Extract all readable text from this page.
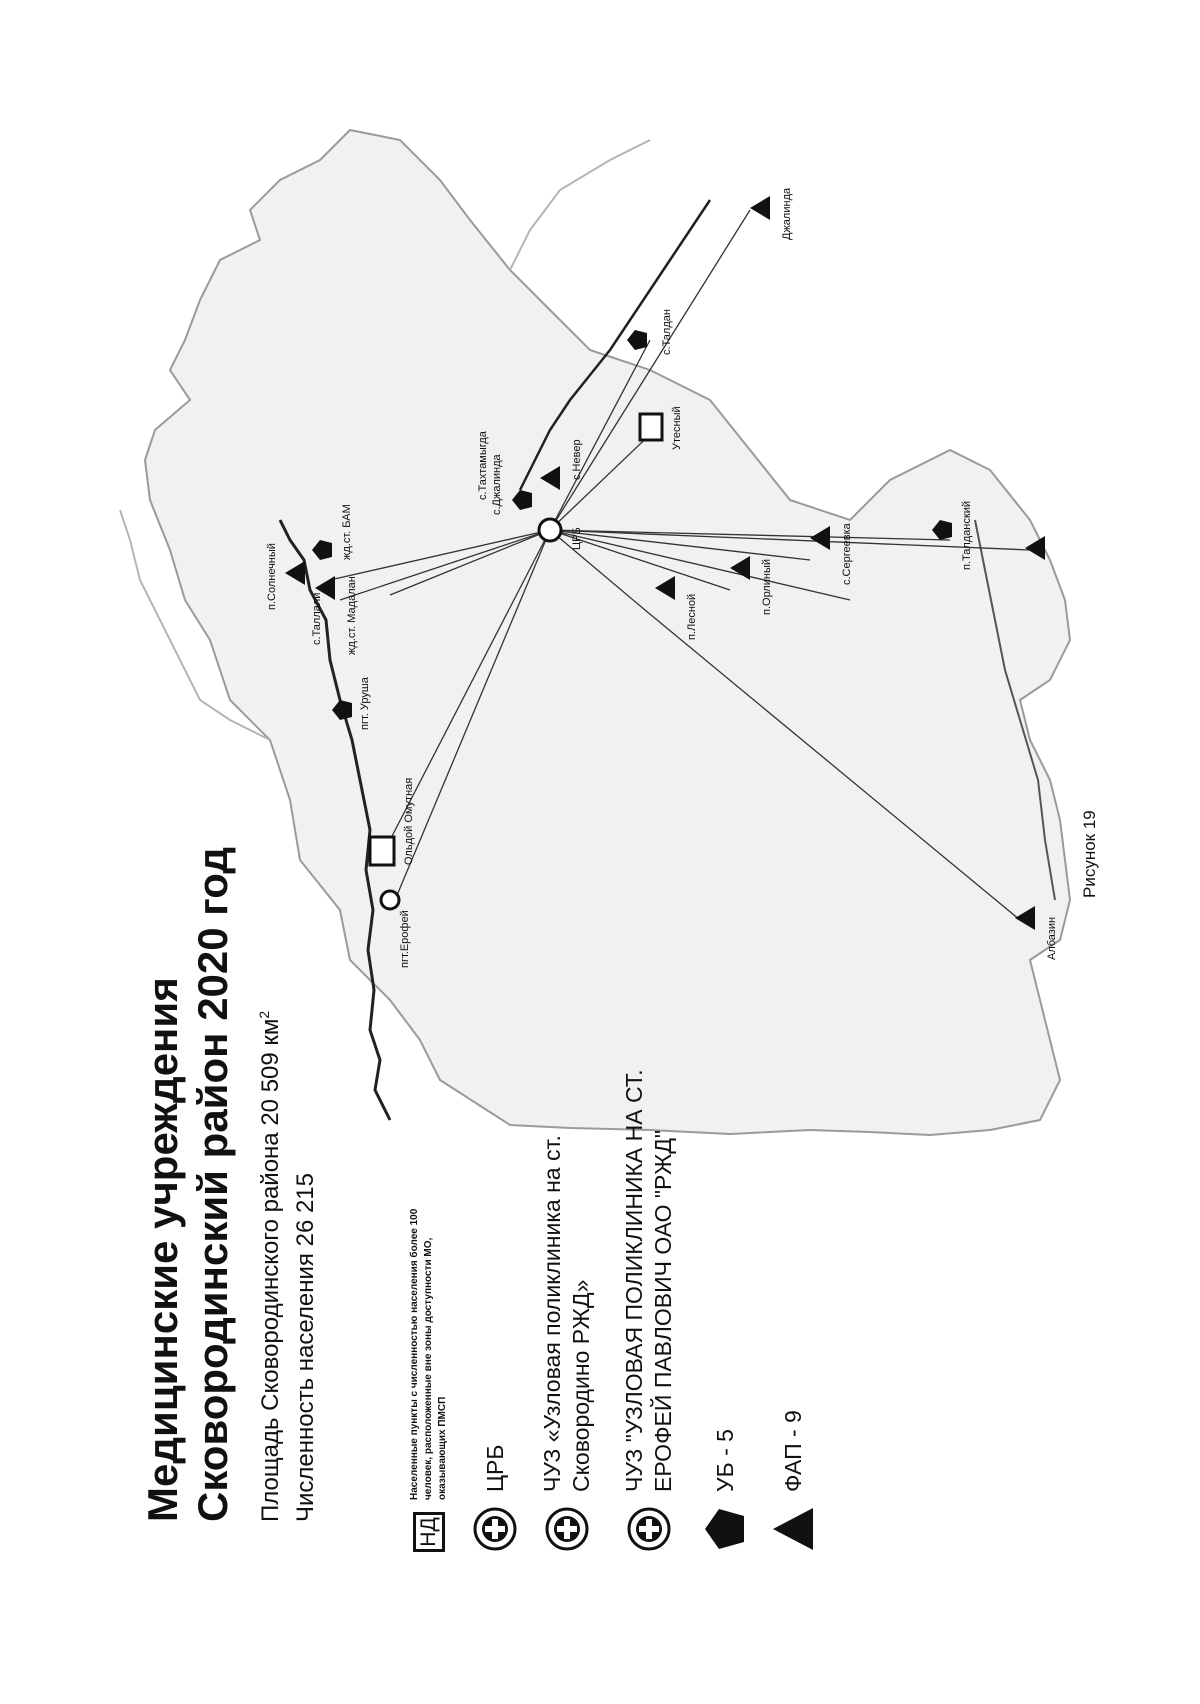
Рисунок 19
пгт.Ерофей
Ольдой Омутная
пгт. Уруша
жд.ст. Мадалан
с.Таллали
п.Солнечный
жд.ст. БАМ	ЦРБ
с.Джалинда
с.Тахтамыгда	с.Невер
Утесный
с.Талдан
п.Лесной
п.Орлиный
с.Сергеевка	п.Талданский
Албазин
Джалинда
Медицинские учреждения Сковородинский район 2020 год Площадь Сковородинского района 20 509 $км^2$
Численность населения 26 215
НД
Населенные пункты с численностью населения более 100 человек, расположенные вне зоны доступности МО, оказывающих ПМСП ЦРБ ЧУЗ «Узловая поликлиника на ст. Сковородино РЖД» ЧУЗ "УЗЛОВАЯ ПОЛИКЛИНИКА НА СТ. ЕРОФЕЙ ПАВЛОВИЧ ОАО "РЖД" УБ - 5 ФАП - 9
